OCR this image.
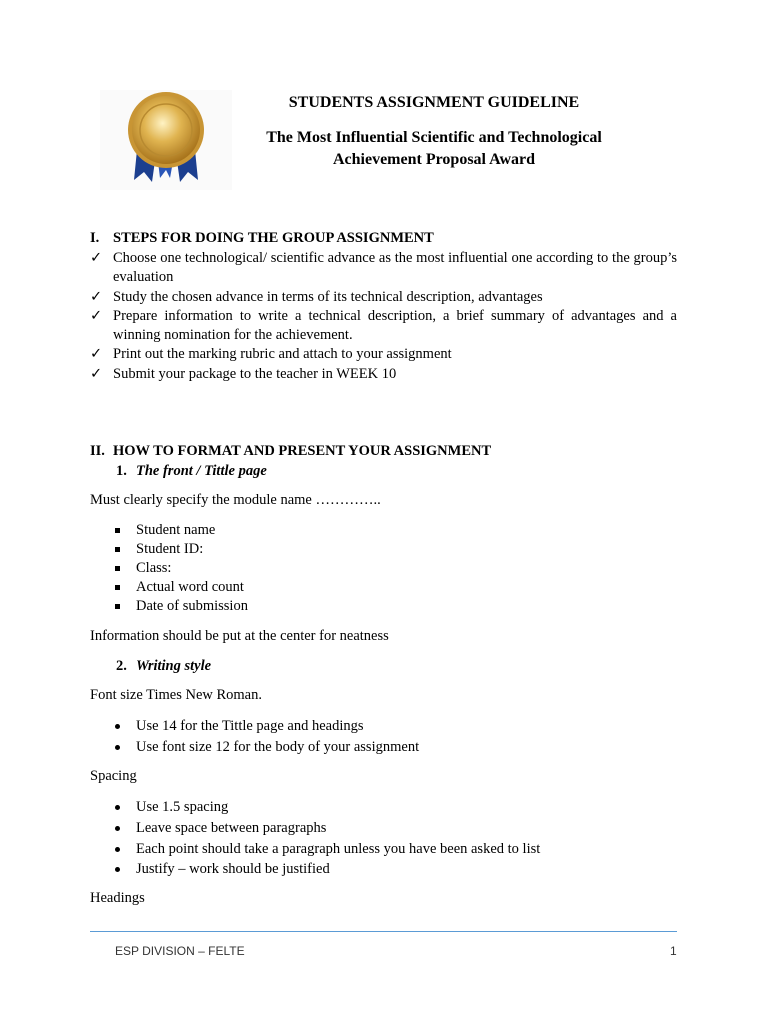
STUDENTS ASSIGNMENT GUIDELINE
The Most Influential Scientific and Technological
Achievement Proposal Award
I. STEPS FOR DOING THE GROUP ASSIGNMENT
✓ Choose one technological/ scientific advance as the most influential one according to the group’s evaluation
✓ Study the chosen advance in terms of its technical description, advantages
✓ Prepare information to write a technical description, a brief summary of advantages and a winning nomination for the achievement.
✓ Print out the marking rubric and attach to your assignment
✓ Submit your package to the teacher in WEEK 10
II. HOW TO FORMAT AND PRESENT YOUR ASSIGNMENT
1. The front / Tittle page
Must clearly specify the module name …………..
Student name
Student ID:
Class:
Actual word count
Date of submission
Information should be put at the center for neatness
2. Writing style
Font size Times New Roman.
Use 14 for the Tittle page and headings
Use font size 12 for the body of your assignment
Spacing
Use 1.5 spacing
Leave space between paragraphs
Each point should take a paragraph unless you have been asked to list
Justify – work should be justified
Headings
ESP DIVISION – FELTE	1
